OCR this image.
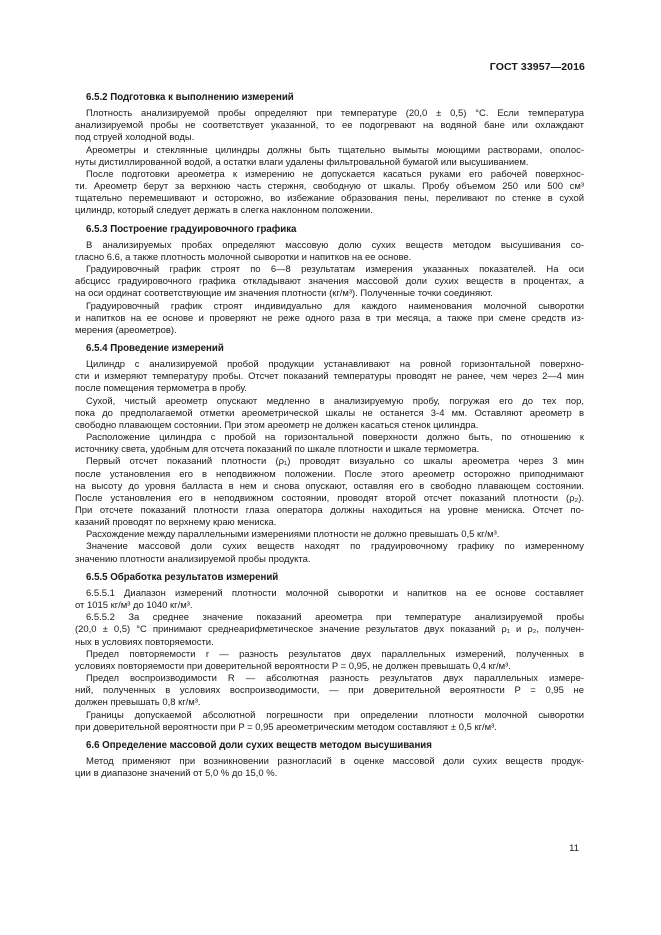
ГОСТ 33957—2016
6.5.2 Подготовка к выполнению измерений
Плотность анализируемой пробы определяют при температуре (20,0 ± 0,5) °С. Если температура
анализируемой пробы не соответствует указанной, то ее подогревают на водяной бане или охлаждают
под струей холодной воды.
Ареометры и стеклянные цилиндры должны быть тщательно вымыты моющими растворами, ополос-
нуты дистиллированной водой, а остатки влаги удалены фильтровальной бумагой или высушиванием.
После подготовки ареометра к измерению не допускается касаться руками его рабочей поверхнос-
ти. Ареометр берут за верхнюю часть стержня, свободную от шкалы. Пробу объемом 250 или 500 см³
тщательно перемешивают и осторожно, во избежание образования пены, переливают по стенке в сухой
цилиндр, который следует держать в слегка наклонном положении.
6.5.3 Построение градуировочного графика
В анализируемых пробах определяют массовую долю сухих веществ методом высушивания со-
гласно 6.6, а также плотность молочной сыворотки и напитков на ее основе.
Градуировочный график строят по 6—8 результатам измерения указанных показателей. На оси
абсцисс градуировочного графика откладывают значения массовой доли сухих веществ в процентах, а
на оси ординат соответствующие им значения плотности (кг/м³). Полученные точки соединяют.
Градуировочный график строят индивидуально для каждого наименования молочной сыворотки
и напитков на ее основе и проверяют не реже одного раза в три месяца, а также при смене средств из-
мерения (ареометров).
6.5.4 Проведение измерений
Цилиндр с анализируемой пробой продукции устанавливают на ровной горизонтальной поверхно-
сти и измеряют температуру пробы. Отсчет показаний температуры проводят не ранее, чем через 2—4 мин
после помещения термометра в пробу.
Сухой, чистый ареометр опускают медленно в анализируемую пробу, погружая его до тех пор,
пока до предполагаемой отметки ареометрической шкалы не останется 3-4 мм. Оставляют ареометр в
свободно плавающем состоянии. При этом ареометр не должен касаться стенок цилиндра.
Расположение цилиндра с пробой на горизонтальной поверхности должно быть, по отношению к
источнику света, удобным для отсчета показаний по шкале плотности и шкале термометра.
Первый отсчет показаний плотности (ρ₁) проводят визуально со шкалы ареометра через 3 мин
после установления его в неподвижном положении. После этого ареометр осторожно приподнимают
на высоту до уровня балласта в нем и снова опускают, оставляя его в свободно плавающем состоянии.
После установления его в неподвижном состоянии, проводят второй отсчет показаний плотности (ρ₂).
При отсчете показаний плотности глаза оператора должны находиться на уровне мениска. Отсчет по-
казаний проводят по верхнему краю мениска.
Расхождение между параллельными измерениями плотности не должно превышать 0,5 кг/м³.
Значение массовой доли сухих веществ находят по градуировочному графику по измеренному
значению плотности анализируемой пробы продукта.
6.5.5 Обработка результатов измерений
6.5.5.1 Диапазон измерений плотности молочной сыворотки и напитков на ее основе составляет
от 1015 кг/м³ до 1040 кг/м³.
6.5.5.2 За среднее значение показаний ареометра при температуре анализируемой пробы
(20,0 ± 0,5) °С принимают среднеарифметическое значение результатов двух показаний ρ₁ и ρ₂, получен-
ных в условиях повторяемости.
Предел повторяемости r — разность результатов двух параллельных измерений, полученных в
условиях повторяемости при доверительной вероятности P = 0,95, не должен превышать 0,4 кг/м³.
Предел воспроизводимости R — абсолютная разность результатов двух параллельных измере-
ний, полученных в условиях воспроизводимости, — при доверительной вероятности P = 0,95 не
должен превышать 0,8 кг/м³.
Границы допускаемой абсолютной погрешности при определении плотности молочной сыворотки
при доверительной вероятности при P = 0,95 ареометрическим методом составляют ± 0,5 кг/м³.
6.6 Определение массовой доли сухих веществ методом высушивания
Метод применяют при возникновении разногласий в оценке массовой доли сухих веществ продук-
ции в диапазоне значений от 5,0 % до 15,0 %.
11
